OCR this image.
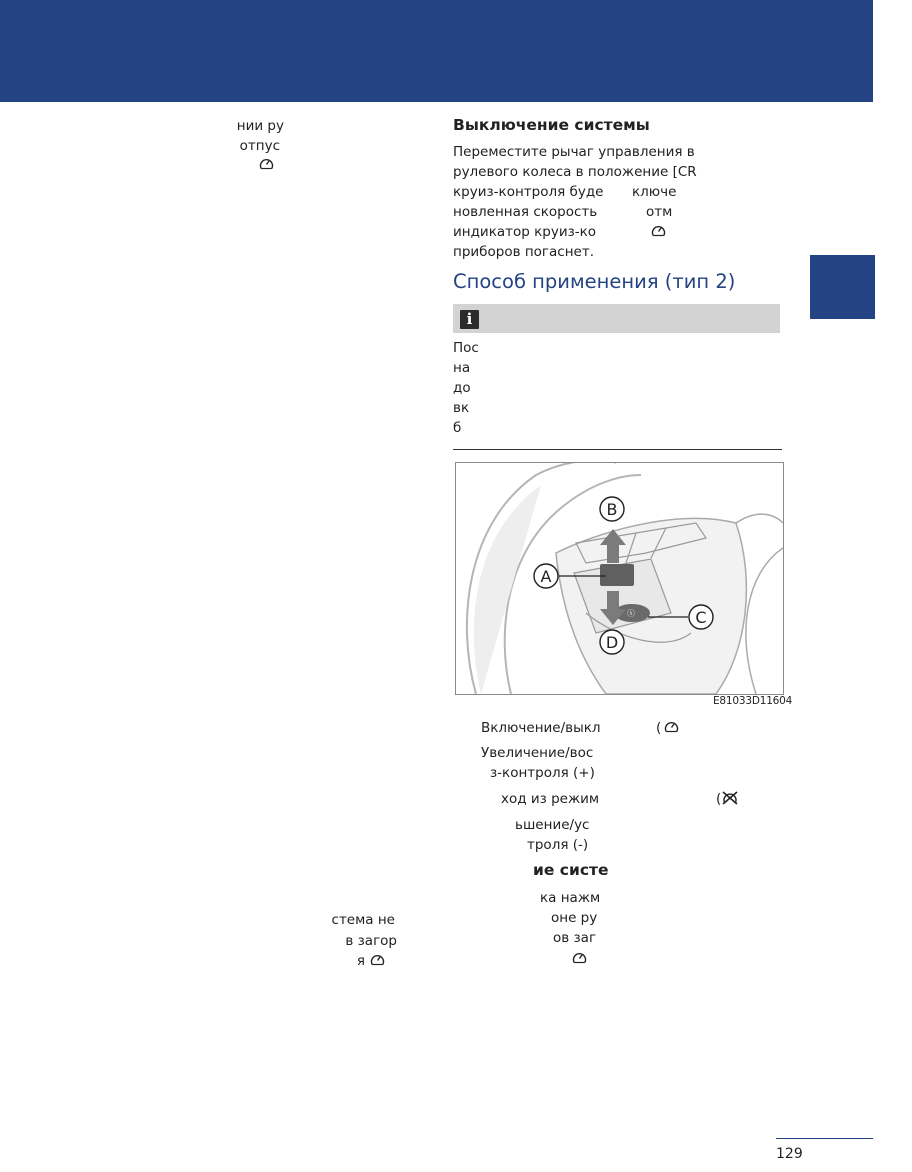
нии ру
отпус
стема не
в загор
я
Выключение системы
Переместите рычаг управления в
рулевого колеса в положение [CR
круиз-контроля буде ключе
новленная скорость	отм
индикатор круиз-ко
приборов погаснет.
Способ применения (тип 2)
i
Пос
на
до
вк
б
ⓧ
B
A
C
D
E81033D11604
Включение/выкл	(
Увеличение/вос
з-контроля (+)
ход из режим	(
ьшение/ус
троля (-)
ие систе
ка нажм
оне ру
ов заг
129
